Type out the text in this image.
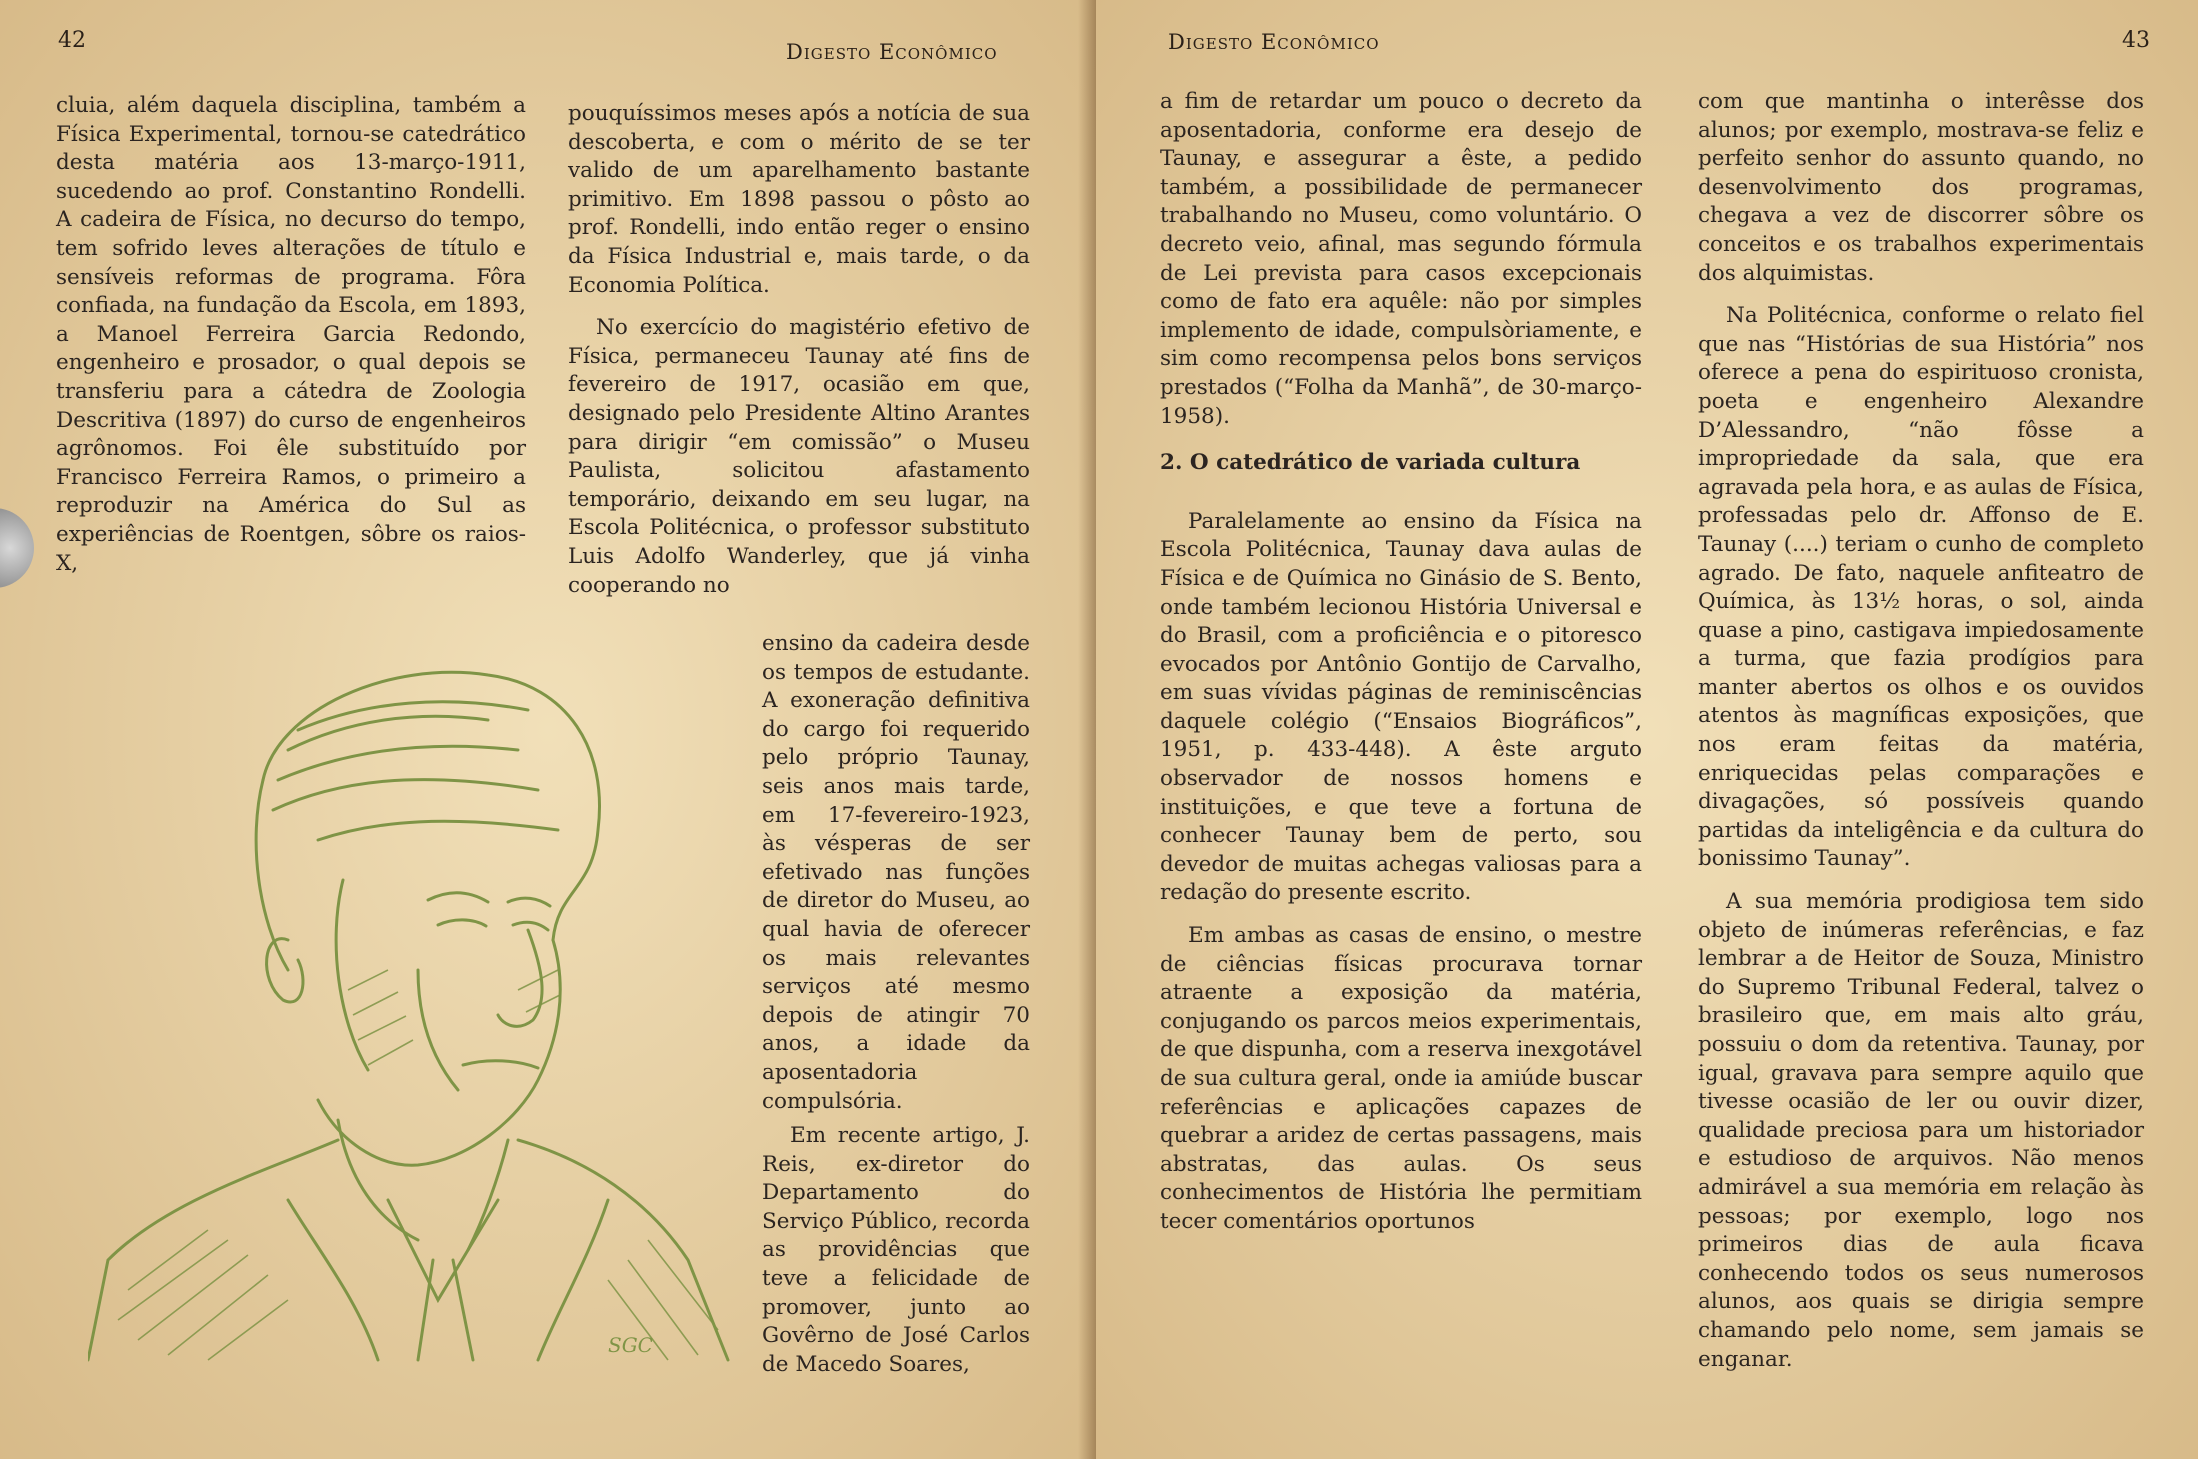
42	Digesto Econômico

cluia, além daquela disciplina, também a Física Experimental, tornou-se catedrático desta matéria aos 13-março-1911, sucedendo ao prof. Constantino Rondelli. A cadeira de Física, no decurso do tempo, tem sofrido leves alterações de título e sensíveis reformas de programa. Fôra confiada, na fundação da Escola, em 1893, a Manoel Ferreira Garcia Redondo, engenheiro e prosador, o qual depois se transferiu para a cátedra de Zoologia Descritiva (1897) do curso de engenheiros agrônomos. Foi êle substituído por Francisco Ferreira Ramos, o primeiro a reproduzir na América do Sul as experiências de Roentgen, sôbre os raios-X,

pouquíssimos meses após a notícia de sua descoberta, e com o mérito de se ter valido de um aparelhamento bastante primitivo. Em 1898 passou o pôsto ao prof. Rondelli, indo então reger o ensino da Física Industrial e, mais tarde, o da Economia Política.

No exercício do magistério efetivo de Física, permaneceu Taunay até fins de fevereiro de 1917, ocasião em que, designado pelo Presidente Altino Arantes para dirigir “em comissão” o Museu Paulista, solicitou afastamento temporário, deixando em seu lugar, na Escola Politécnica, o professor substituto Luis Adolfo Wanderley, que já vinha cooperando no

ensino da cadeira desde os tempos de estudante. A exoneração definitiva do cargo foi requerido pelo próprio Taunay, seis anos mais tarde, em 17-fevereiro-1923, às vésperas de ser efetivado nas funções de diretor do Museu, ao qual havia de oferecer os mais relevantes serviços até mesmo depois de atingir 70 anos, a idade da aposentadoria compulsória.

Em recente artigo, J. Reis, ex-diretor do Departamento do Serviço Público, recorda as providências que teve a felicidade de promover, junto ao Govêrno de José Carlos de Macedo Soares,

SGC
Digesto Econômico	43

a fim de retardar um pouco o decreto da aposentadoria, conforme era desejo de Taunay, e assegurar a êste, a pedido também, a possibilidade de permanecer trabalhando no Museu, como voluntário. O decreto veio, afinal, mas segundo fórmula de Lei prevista para casos excepcionais como de fato era aquêle: não por simples implemento de idade, compulsòriamente, e sim como recompensa pelos bons serviços prestados (“Folha da Manhã”, de 30-março-1958).

2. O catedrático de variada cultura

Paralelamente ao ensino da Física na Escola Politécnica, Taunay dava aulas de Física e de Química no Ginásio de S. Bento, onde também lecionou História Universal e do Brasil, com a proficiência e o pitoresco evocados por Antônio Gontijo de Carvalho, em suas vívidas páginas de reminiscências daquele colégio (“Ensaios Biográficos”, 1951, p. 433-448). A êste arguto observador de nossos homens e instituições, e que teve a fortuna de conhecer Taunay bem de perto, sou devedor de muitas achegas valiosas para a redação do presente escrito.

Em ambas as casas de ensino, o mestre de ciências físicas procurava tornar atraente a exposição da matéria, conjugando os parcos meios experimentais, de que dispunha, com a reserva inexgotável de sua cultura geral, onde ia amiúde buscar referências e aplicações capazes de quebrar a aridez de certas passagens, mais abstratas, das aulas. Os seus conhecimentos de História lhe permitiam tecer comentários oportunos

com que mantinha o interêsse dos alunos; por exemplo, mostrava-se feliz e perfeito senhor do assunto quando, no desenvolvimento dos programas, chegava a vez de discorrer sôbre os conceitos e os trabalhos experimentais dos alquimistas.

Na Politécnica, conforme o relato fiel que nas “Histórias de sua História” nos oferece a pena do espirituoso cronista, poeta e engenheiro Alexandre D’Alessandro, “não fôsse a impropriedade da sala, que era agravada pela hora, e as aulas de Física, professadas pelo dr. Affonso de E. Taunay (....) teriam o cunho de completo agrado. De fato, naquele anfiteatro de Química, às 13½ horas, o sol, ainda quase a pino, castigava impiedosamente a turma, que fazia prodígios para manter abertos os olhos e os ouvidos atentos às magníficas exposições, que nos eram feitas da matéria, enriquecidas pelas comparações e divagações, só possíveis quando partidas da inteligência e da cultura do bonissimo Taunay”.

A sua memória prodigiosa tem sido objeto de inúmeras referências, e faz lembrar a de Heitor de Souza, Ministro do Supremo Tribunal Federal, talvez o brasileiro que, em mais alto gráu, possuiu o dom da retentiva. Taunay, por igual, gravava para sempre aquilo que tivesse ocasião de ler ou ouvir dizer, qualidade preciosa para um historiador e estudioso de arquivos. Não menos admirável a sua memória em relação às pessoas; por exemplo, logo nos primeiros dias de aula ficava conhecendo todos os seus numerosos alunos, aos quais se dirigia sempre chamando pelo nome, sem jamais se enganar.
